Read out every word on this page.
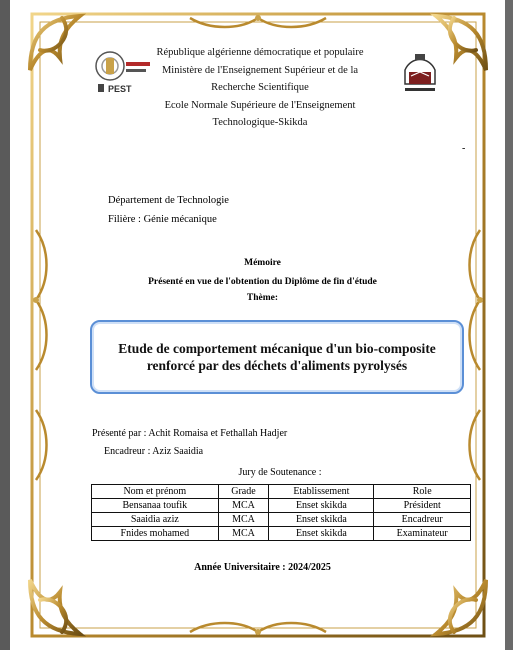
PEST
République algérienne démocratique et populaire
Ministère de l'Enseignement Supérieur et de la
Recherche Scientifique
Ecole Normale Supérieure de l'Enseignement
Technologique-Skikda
-
Département de Technologie
Filière : Génie mécanique
Mémoire
Présenté en vue de l'obtention du Diplôme de fin d'étude
Thème:
Etude de comportement mécanique d'un bio-composite
renforcé par des déchets d'aliments pyrolysés
Présenté par : Achit Romaisa et Fethallah Hadjer
Encadreur : Aziz Saaidia
Jury de Soutenance :
Nom et prénom	Grade	Etablissement	Role
Bensanaa toufik	MCA	Enset skikda	Président
Saaidia aziz	MCA	Enset skikda	Encadreur
Fnides mohamed	MCA	Enset skikda	Examinateur
Année Universitaire : 2024/2025
